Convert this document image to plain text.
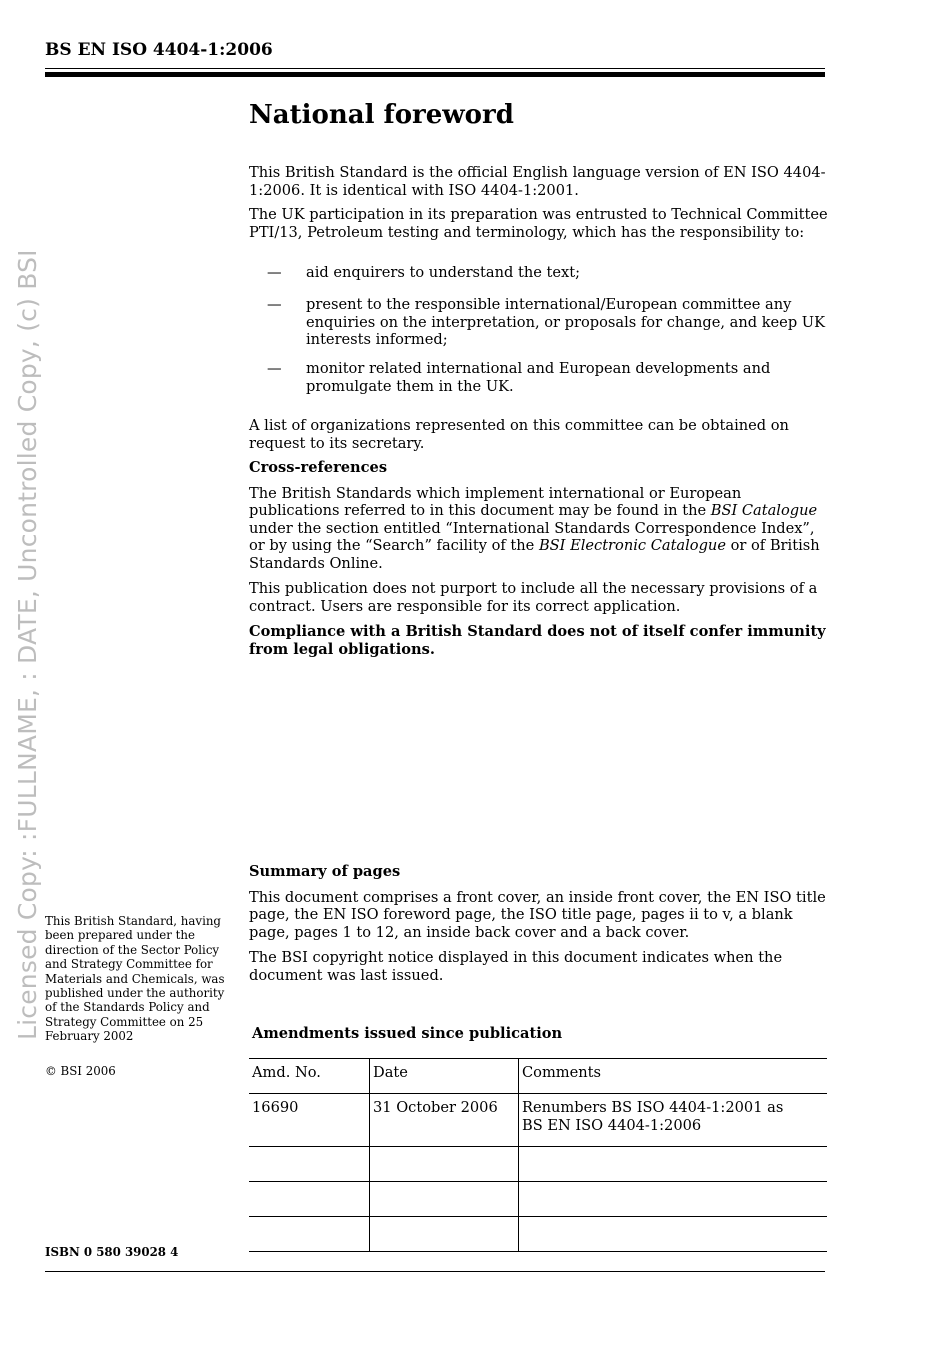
BS EN ISO 4404-1:2006
Licensed Copy: :FULLNAME, : DATE, Uncontrolled Copy, (c) BSI
National foreword

This British Standard is the official English language version of EN ISO 4404-1:2006. It is identical with ISO 4404-1:2001.

The UK participation in its preparation was entrusted to Technical Committee PTI/13, Petroleum testing and terminology, which has the responsibility to:

— aid enquirers to understand the text;
— present to the responsible international/European committee any enquiries on the interpretation, or proposals for change, and keep UK interests informed;
— monitor related international and European developments and promulgate them in the UK.

A list of organizations represented on this committee can be obtained on request to its secretary.

Cross-references

The British Standards which implement international or European publications referred to in this document may be found in the BSI Catalogue under the section entitled “International Standards Correspondence Index”, or by using the “Search” facility of the BSI Electronic Catalogue or of British Standards Online.

This publication does not purport to include all the necessary provisions of a contract. Users are responsible for its correct application.

Compliance with a British Standard does not of itself confer immunity from legal obligations.

Summary of pages

This document comprises a front cover, an inside front cover, the EN ISO title page, the EN ISO foreword page, the ISO title page, pages ii to v, a blank page, pages 1 to 12, an inside back cover and a back cover.

The BSI copyright notice displayed in this document indicates when the document was last issued.

This British Standard, having been prepared under the direction of the Sector Policy and Strategy Committee for Materials and Chemicals, was published under the authority of the Standards Policy and Strategy Committee on 25 February 2002
© BSI 2006
Amendments issued since publication
Amd. No.	Date	Comments
16690	31 October 2006	Renumbers BS ISO 4404-1:2001 as
BS EN ISO 4404-1:2006

ISBN 0 580 39028 4
